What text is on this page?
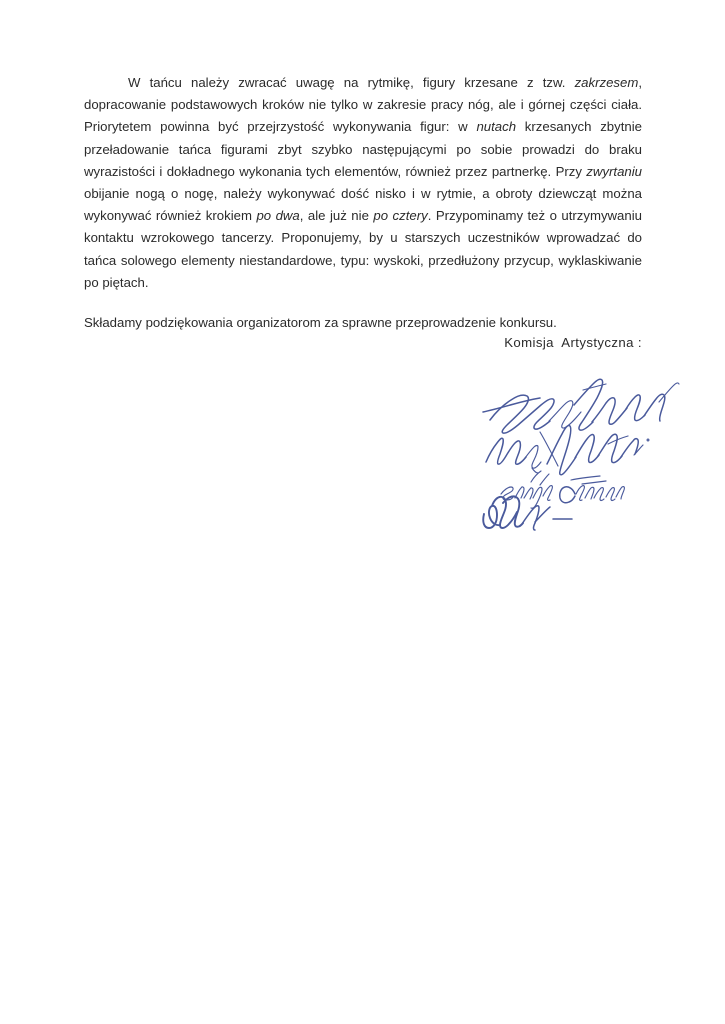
W tańcu należy zwracać uwagę na rytmikę, figury krzesane z tzw. zakrzesem, dopracowanie podstawowych kroków nie tylko w zakresie pracy nóg, ale i górnej części ciała. Priorytetem powinna być przejrzystość wykonywania figur: w nutach krzesanych zbytnie przeładowanie tańca figurami zbyt szybko następującymi po sobie prowadzi do braku wyrazistości i dokładnego wykonania tych elementów, również przez partnerkę. Przy zwyrtaniu obijanie nogą o nogę, należy wykonywać dość nisko i w rytmie, a obroty dziewcząt można wykonywać również krokiem po dwa, ale już nie po cztery. Przypominamy też o utrzymywaniu kontaktu wzrokowego tancerzy. Proponujemy, by u starszych uczestników wprowadzać do tańca solowego elementy niestandardowe, typu: wyskoki, przedłużony przycup, wyklaskiwanie po piętach.

Składamy podziękowania organizatorom za sprawne przeprowadzenie konkursu.

Komisja  Artystyczna :
